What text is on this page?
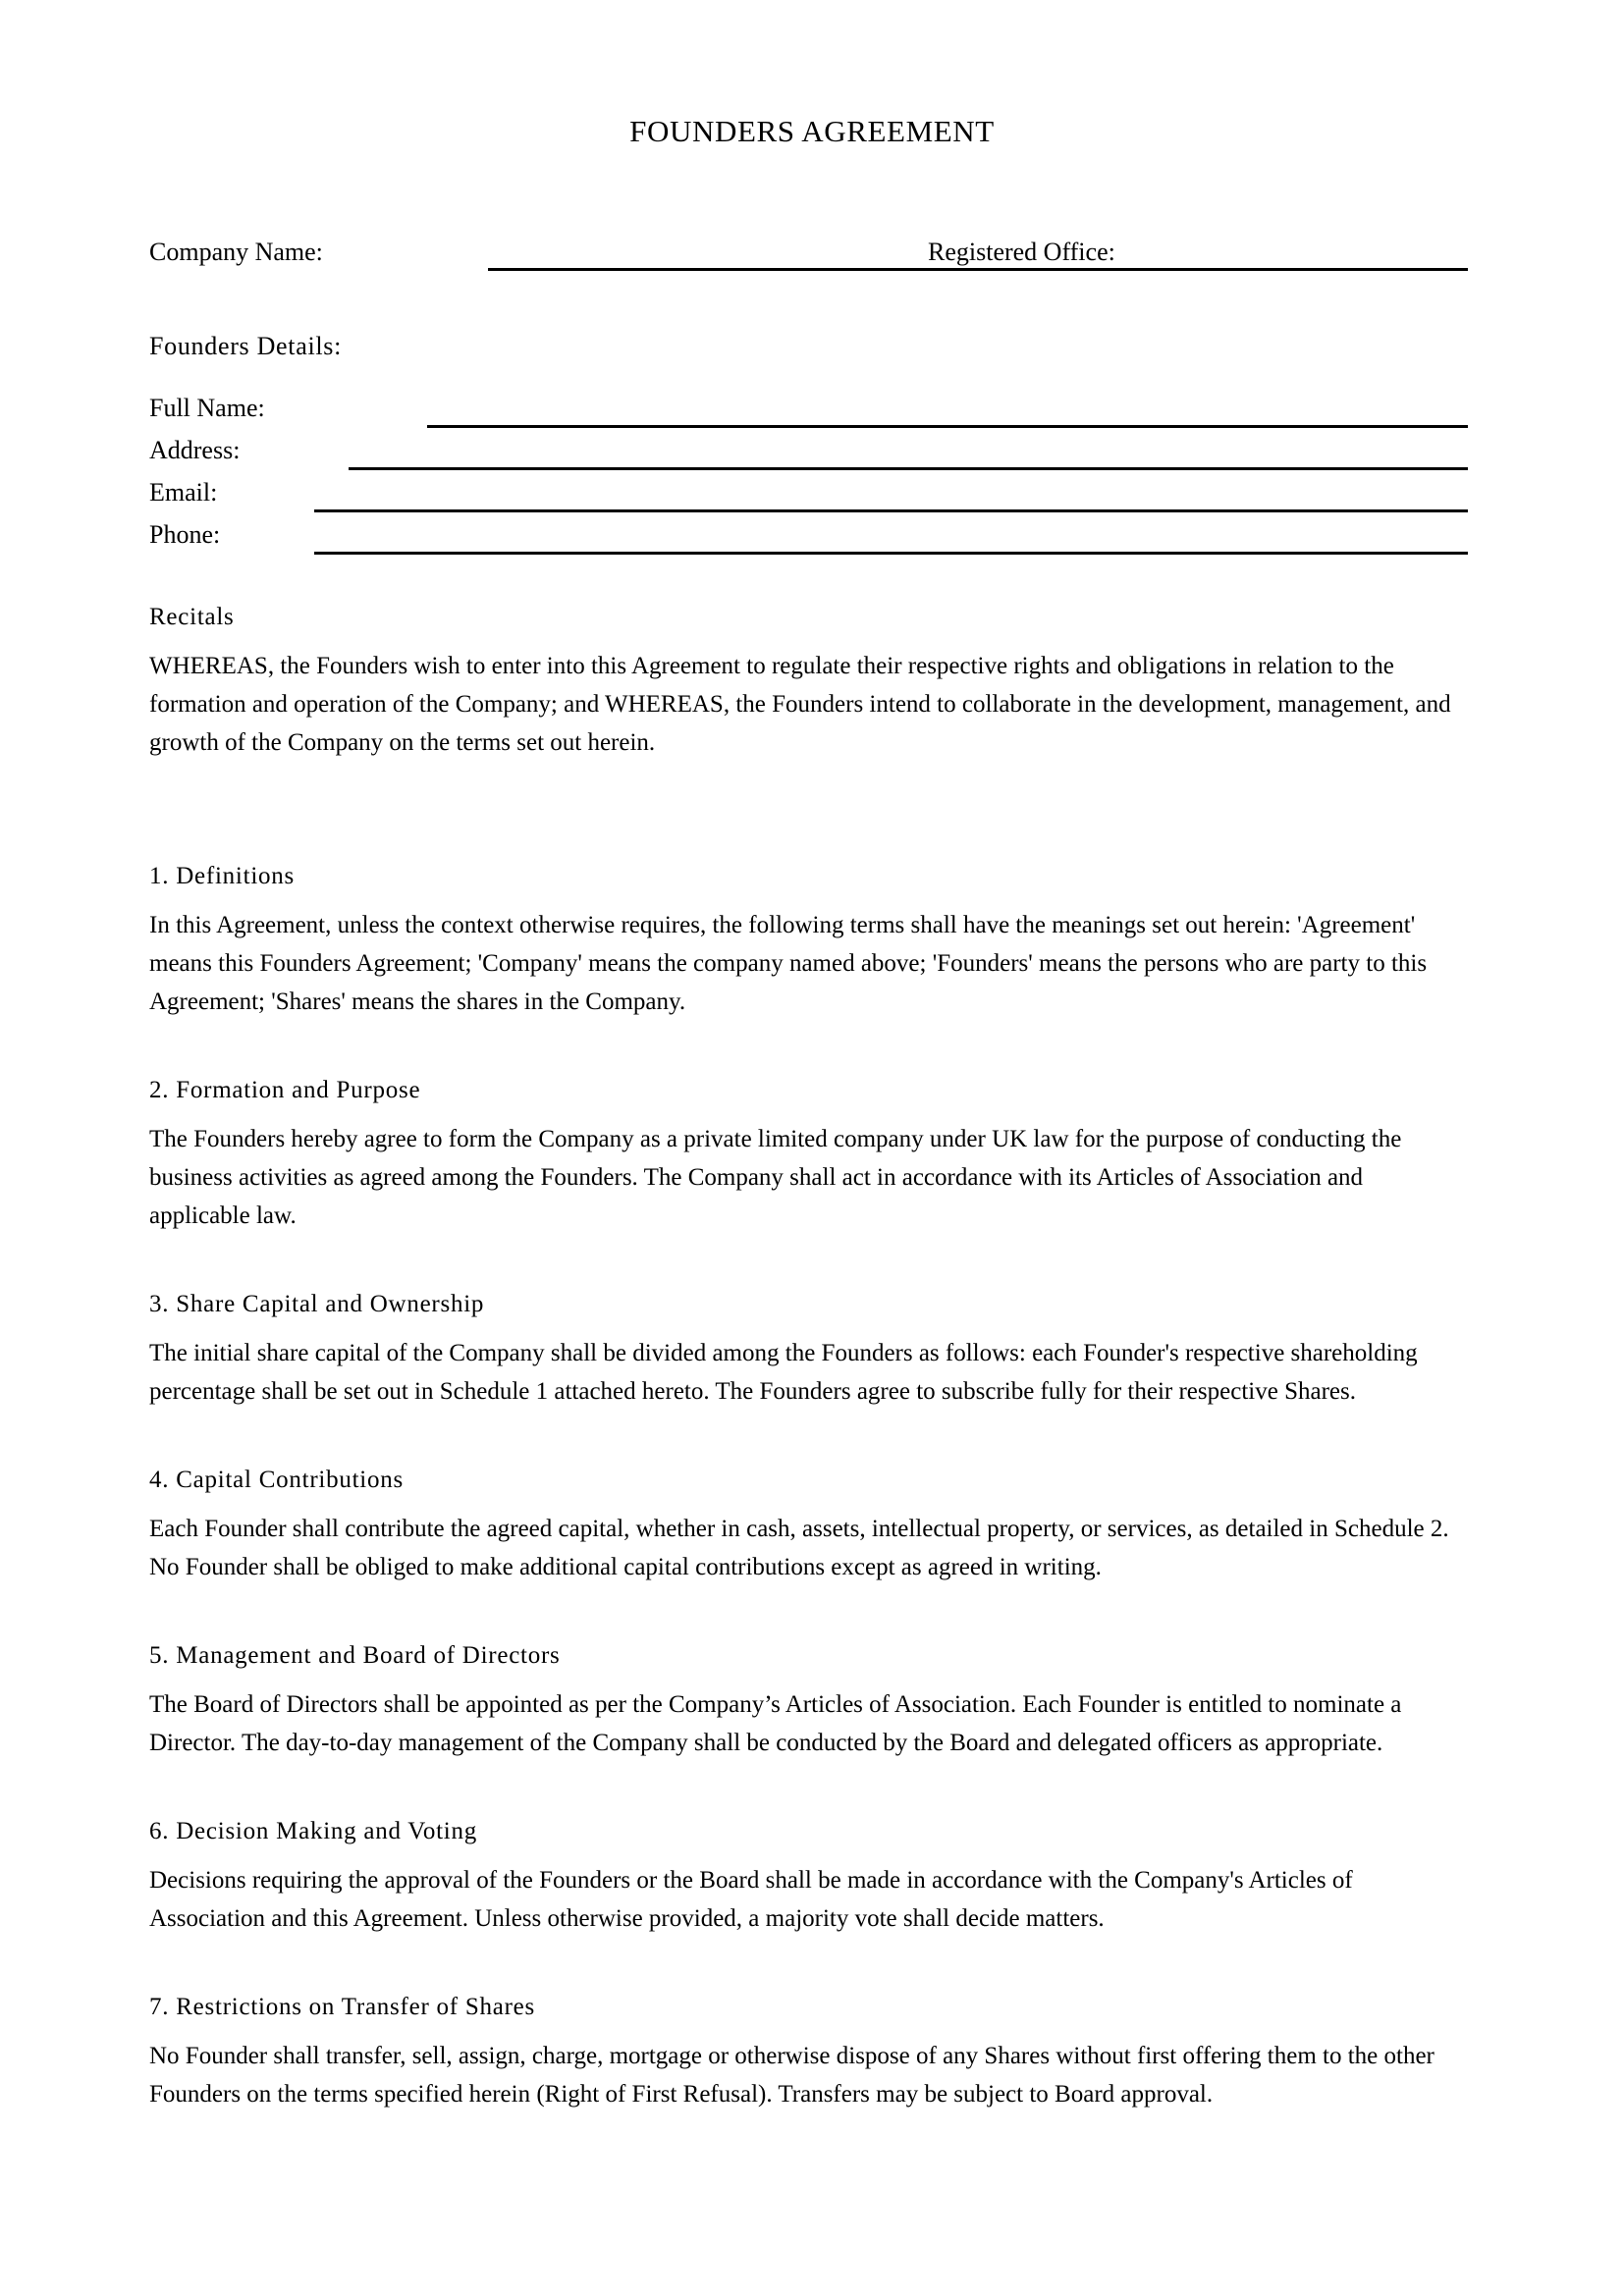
FOUNDERS AGREEMENT
Company Name:	Registered Office:
Founders Details:
Full Name:
Address:
Email:
Phone:
Recitals

WHEREAS, the Founders wish to enter into this Agreement to regulate their respective rights and obligations in relation to the formation and operation of the Company; and WHEREAS, the Founders intend to collaborate in the development, management, and growth of the Company on the terms set out herein.

1. Definitions

In this Agreement, unless the context otherwise requires, the following terms shall have the meanings set out herein: 'Agreement' means this Founders Agreement; 'Company' means the company named above; 'Founders' means the persons who are party to this Agreement; 'Shares' means the shares in the Company.

2. Formation and Purpose

The Founders hereby agree to form the Company as a private limited company under UK law for the purpose of conducting the business activities as agreed among the Founders. The Company shall act in accordance with its Articles of Association and applicable law.

3. Share Capital and Ownership

The initial share capital of the Company shall be divided among the Founders as follows: each Founder's respective shareholding percentage shall be set out in Schedule 1 attached hereto. The Founders agree to subscribe fully for their respective Shares.

4. Capital Contributions

Each Founder shall contribute the agreed capital, whether in cash, assets, intellectual property, or services, as detailed in Schedule 2. No Founder shall be obliged to make additional capital contributions except as agreed in writing.

5. Management and Board of Directors

The Board of Directors shall be appointed as per the Company’s Articles of Association. Each Founder is entitled to nominate a Director. The day-to-day management of the Company shall be conducted by the Board and delegated officers as appropriate.

6. Decision Making and Voting

Decisions requiring the approval of the Founders or the Board shall be made in accordance with the Company's Articles of Association and this Agreement. Unless otherwise provided, a majority vote shall decide matters.

7. Restrictions on Transfer of Shares

No Founder shall transfer, sell, assign, charge, mortgage or otherwise dispose of any Shares without first offering them to the other Founders on the terms specified herein (Right of First Refusal). Transfers may be subject to Board approval.
